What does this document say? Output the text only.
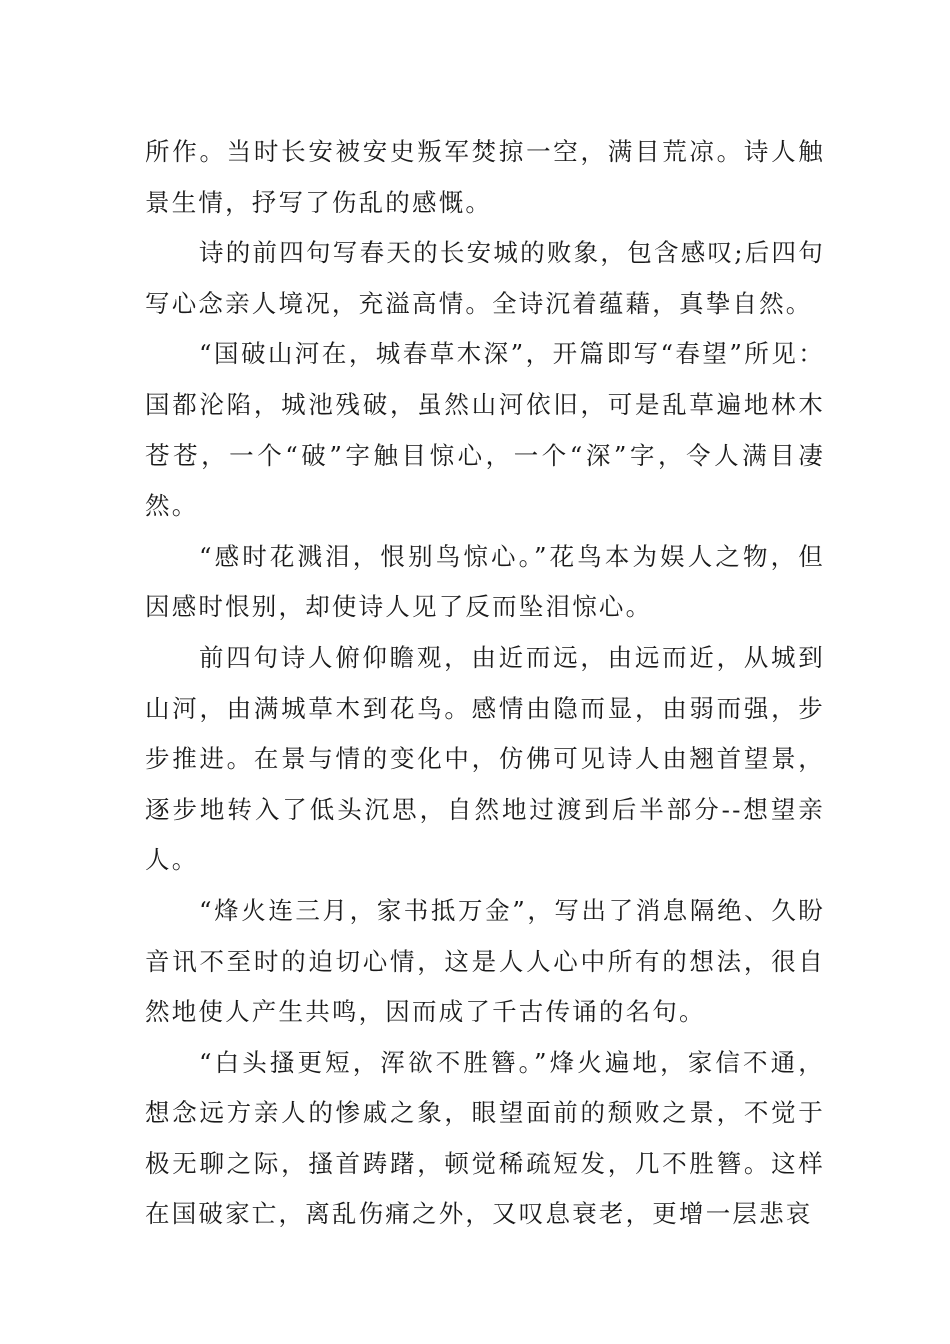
所作。当时长安被安史叛军焚掠一空，满目荒凉。诗人触景生情，抒写了伤乱的感慨。

诗的前四句写春天的长安城的败象，包含感叹;后四句写心念亲人境况，充溢高情。全诗沉着蕴藉，真挚自然。

“国破山河在，城春草木深”，开篇即写“春望”所见：国都沦陷，城池残破，虽然山河依旧，可是乱草遍地林木苍苍，一个“破”字触目惊心，一个“深”字，令人满目凄然。

“感时花溅泪，恨别鸟惊心。”花鸟本为娱人之物，但因感时恨别，却使诗人见了反而坠泪惊心。

前四句诗人俯仰瞻观，由近而远，由远而近，从城到山河，由满城草木到花鸟。感情由隐而显，由弱而强，步步推进。在景与情的变化中，仿佛可见诗人由翘首望景，逐步地转入了低头沉思，自然地过渡到后半部分--想望亲人。

“烽火连三月，家书抵万金”，写出了消息隔绝、久盼音讯不至时的迫切心情，这是人人心中所有的想法，很自然地使人产生共鸣，因而成了千古传诵的名句。

“白头搔更短，浑欲不胜簪。”烽火遍地，家信不通，想念远方亲人的惨戚之象，眼望面前的颓败之景，不觉于极无聊之际，搔首踌躇，顿觉稀疏短发，几不胜簪。这样在国破家亡，离乱伤痛之外，又叹息衰老，更增一层悲哀
